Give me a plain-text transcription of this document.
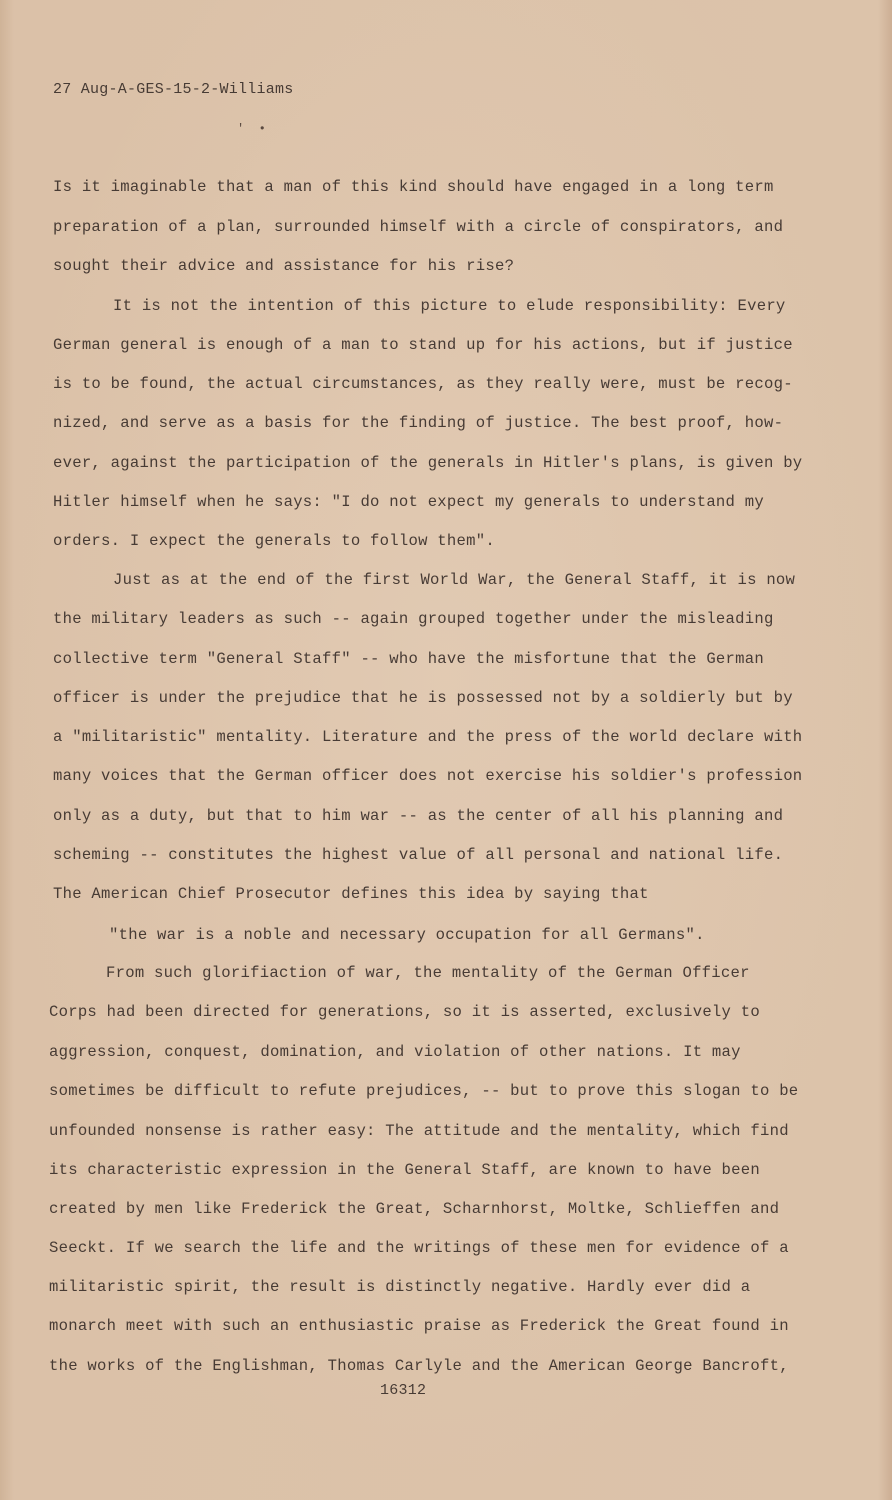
27 Aug-A-GES-15-2-Williams
′  •
Is it imaginable that a man of this kind should have engaged in a long term
preparation of a plan, surrounded himself with a circle of conspirators, and
sought their advice and assistance for his rise?
It is not the intention of this picture to elude responsibility: Every
German general is enough of a man to stand up for his actions, but if justice
is to be found, the actual circumstances, as they really were, must be recog-
nized, and serve as a basis for the finding of justice. The best proof, how-
ever, against the participation of the generals in Hitler's plans, is given by
Hitler himself when he says: "I do not expect my generals to understand my
orders. I expect the generals to follow them".
Just as at the end of the first World War, the General Staff, it is now
the military leaders as such -- again grouped together under the misleading
collective term "General Staff" -- who have the misfortune that the German
officer is under the prejudice that he is possessed not by a soldierly but by
a "militaristic" mentality. Literature and the press of the world declare with
many voices that the German officer does not exercise his soldier's profession
only as a duty, but that to him war -- as the center of all his planning and
scheming -- constitutes the highest value of all personal and national life.
The American Chief Prosecutor defines this idea by saying that
"the war is a noble and necessary occupation for all Germans".
From such glorifiaction of war, the mentality of the German Officer
Corps had been directed for generations, so it is asserted, exclusively to
aggression, conquest, domination, and violation of other nations. It may
sometimes be difficult to refute prejudices, -- but to prove this slogan to be
unfounded nonsense is rather easy: The attitude and the mentality, which find
its characteristic expression in the General Staff, are known to have been
created by men like Frederick the Great, Scharnhorst, Moltke, Schlieffen and
Seeckt. If we search the life and the writings of these men for evidence of a
militaristic spirit, the result is distinctly negative. Hardly ever did a
monarch meet with such an enthusiastic praise as Frederick the Great found in
the works of the Englishman, Thomas Carlyle and the American George Bancroft,
16312
